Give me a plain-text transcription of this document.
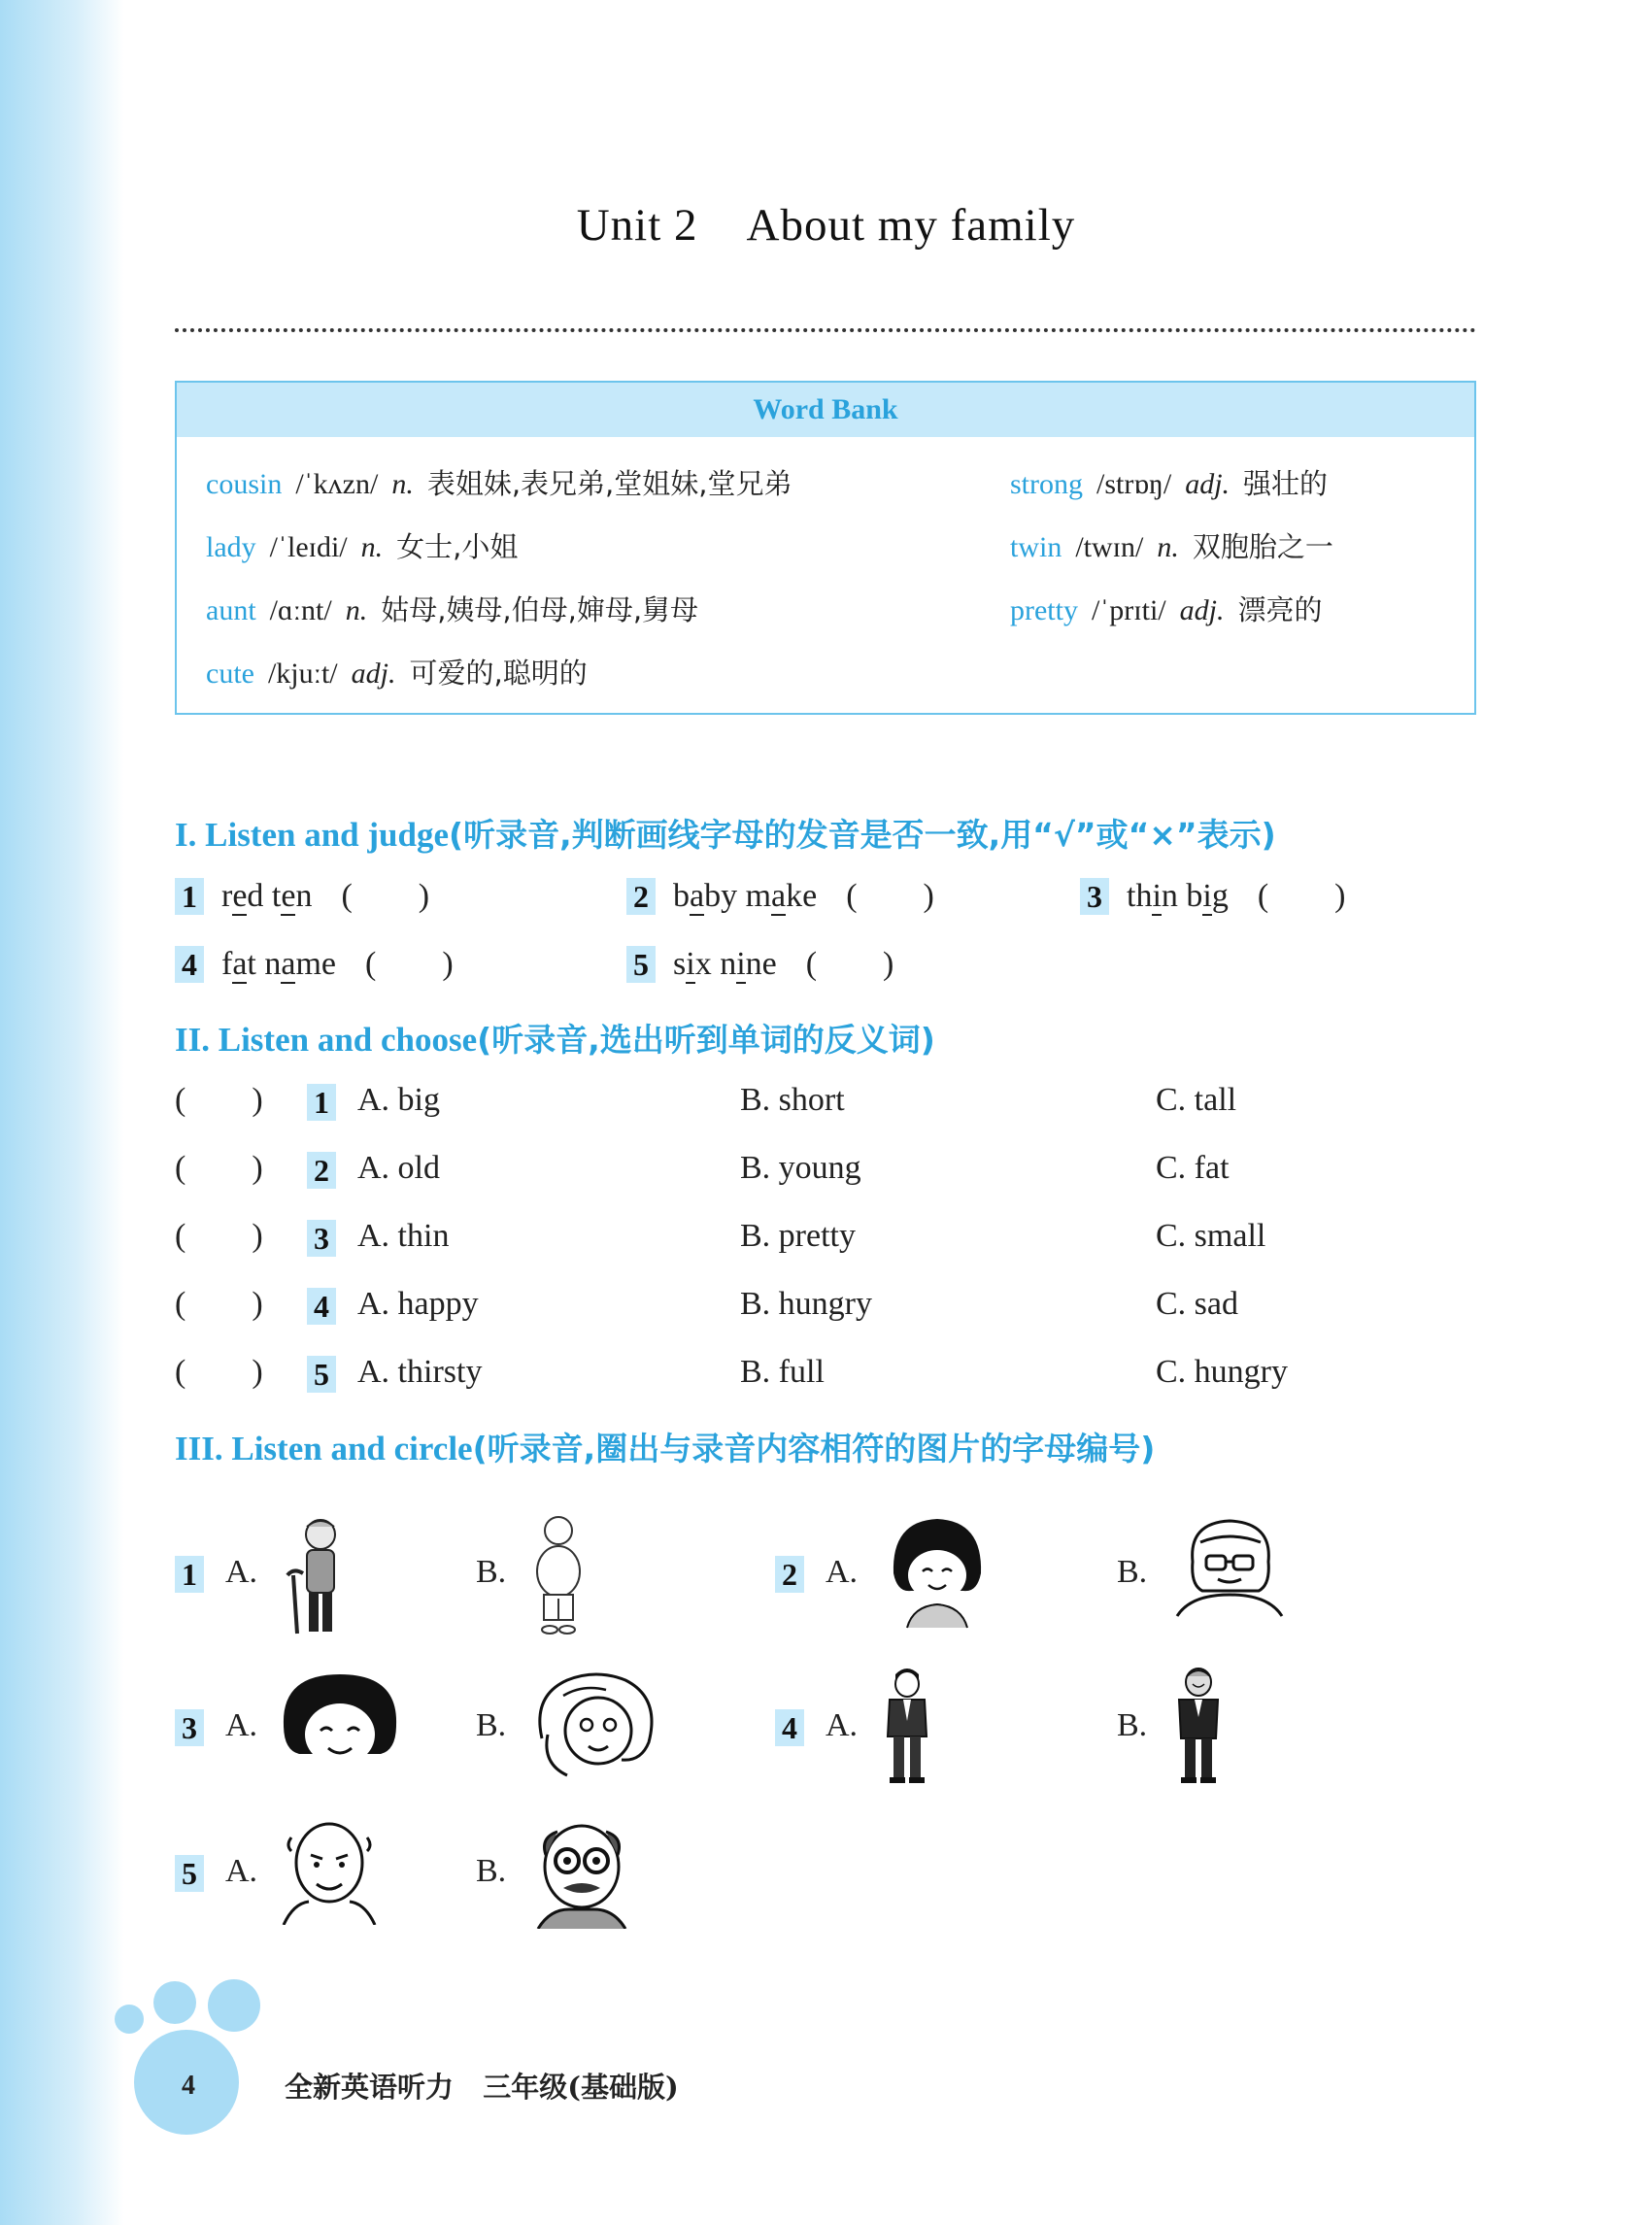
Unit 2 About my family
Word Bank
cousin /ˈkʌzn/ n. 表姐妹,表兄弟,堂姐妹,堂兄弟	strong /strɒŋ/ adj. 强壮的
lady /ˈleɪdi/ n. 女士,小姐	twin /twɪn/ n. 双胞胎之一
aunt /ɑːnt/ n. 姑母,姨母,伯母,婶母,舅母	pretty /ˈprɪti/ adj. 漂亮的
cute /kjuːt/ adj. 可爱的,聪明的
I. Listen and judge(听录音,判断画线字母的发音是否一致,用“√”或“×”表示)
1 red ten (        )	2 baby make (        )	3 thin big (        )
4 fat name (        )	5 six nine (        )
II. Listen and choose(听录音,选出听到单词的反义词)
(        ) 1 A. big	B. short	C. tall
(        ) 2 A. old	B. young	C. fat
(        ) 3 A. thin	B. pretty	C. small
(        ) 4 A. happy	B. hungry	C. sad
(        ) 5 A. thirsty	B. full	C. hungry
III. Listen and circle(听录音,圈出与录音内容相符的图片的字母编号)
1 A.	B.	2 A.	B.
3 A.	B.	4 A.	B.
5 A.	B.
4	全新英语听力   三年级(基础版)
